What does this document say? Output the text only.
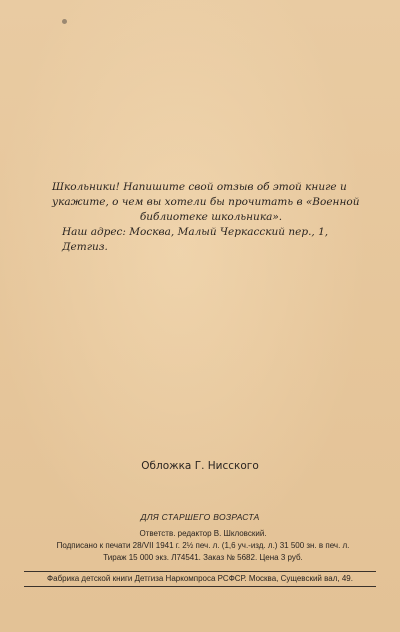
Школьники! Напишите свой отзыв об этой книге и
укажите, о чем вы хотели бы прочитать в «Военной
библиотеке школьника».
Наш адрес: Москва, Малый Черкасский пер., 1, Детгиз.
Обложка Г. Нисского
ДЛЯ СТАРШЕГО ВОЗРАСТА
Ответств. редактор В. Шкловский.
Подписано к печати 28/VII 1941 г. 2½ печ. л. (1,6 уч.-изд. л.) 31 500 зн. в печ. л.
Тираж 15 000 экз. Л74541. Заказ № 5682. Цена 3 руб.
Фабрика детской книги Детгиза Наркомпроса РСФСР. Москва, Сущевский вал, 49.
